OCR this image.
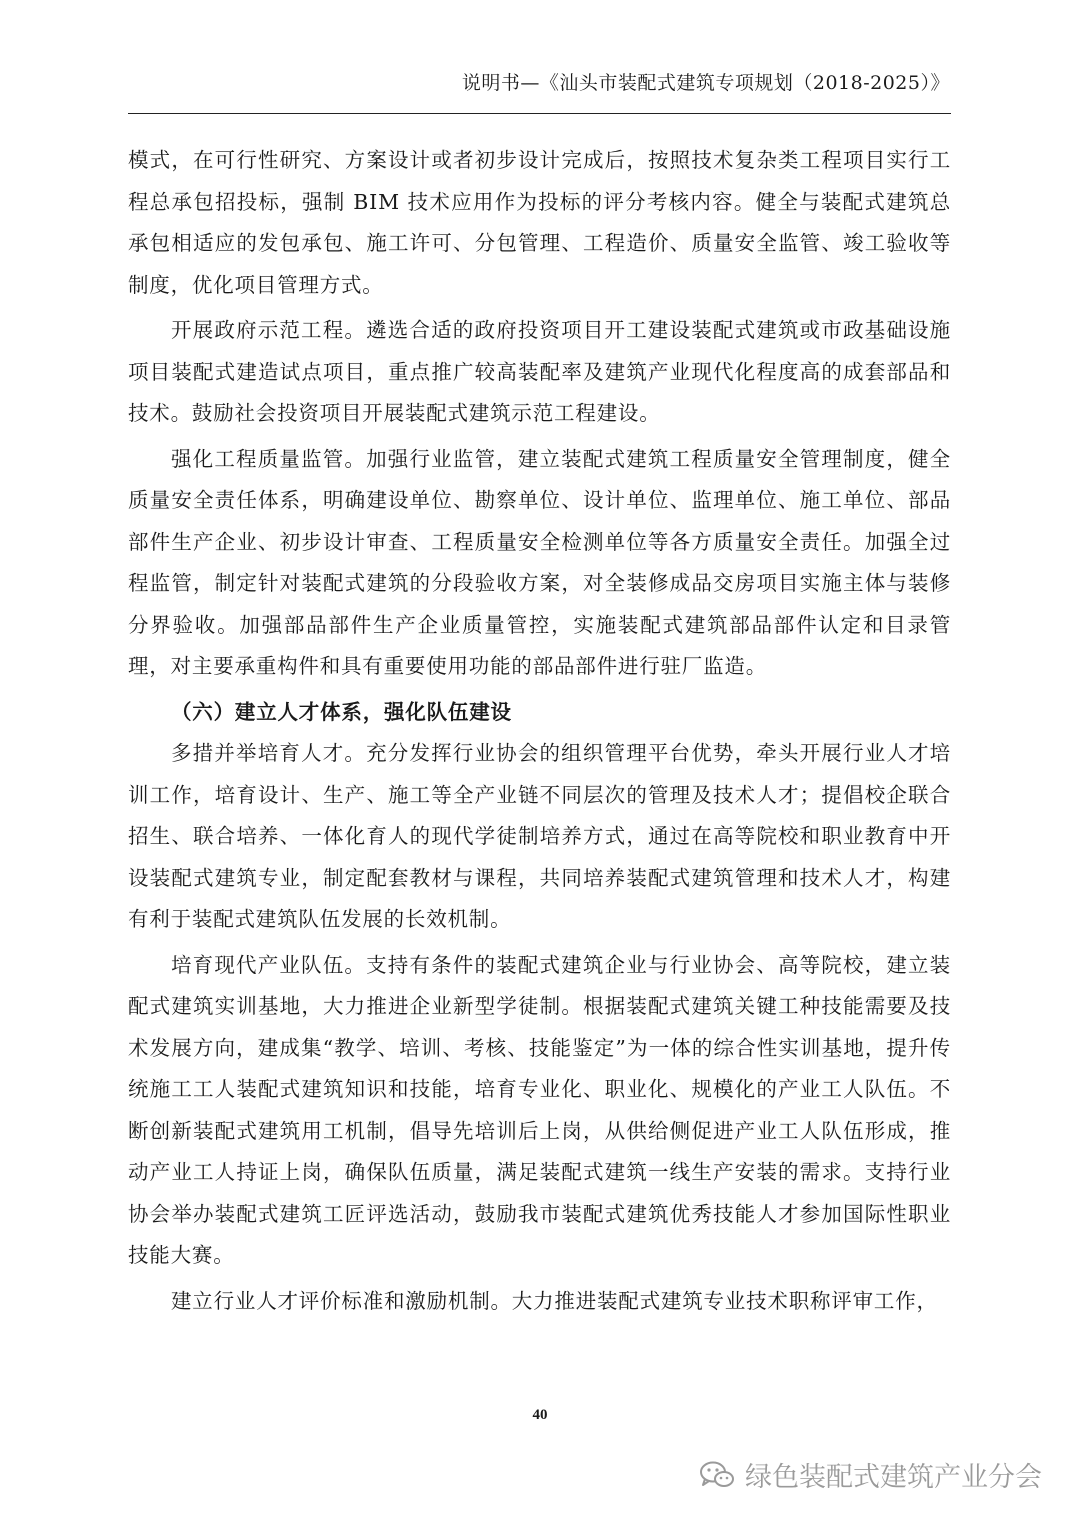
说明书—《汕头市装配式建筑专项规划（2018-2025）》

模式，在可行性研究、方案设计或者初步设计完成后，按照技术复杂类工程项目实行工程总承包招投标，强制 BIM 技术应用作为投标的评分考核内容。健全与装配式建筑总承包相适应的发包承包、施工许可、分包管理、工程造价、质量安全监管、竣工验收等制度，优化项目管理方式。

开展政府示范工程。遴选合适的政府投资项目开工建设装配式建筑或市政基础设施项目装配式建造试点项目，重点推广较高装配率及建筑产业现代化程度高的成套部品和技术。鼓励社会投资项目开展装配式建筑示范工程建设。

强化工程质量监管。加强行业监管，建立装配式建筑工程质量安全管理制度，健全质量安全责任体系，明确建设单位、勘察单位、设计单位、监理单位、施工单位、部品部件生产企业、初步设计审查、工程质量安全检测单位等各方质量安全责任。加强全过程监管，制定针对装配式建筑的分段验收方案，对全装修成品交房项目实施主体与装修分界验收。加强部品部件生产企业质量管控，实施装配式建筑部品部件认定和目录管理，对主要承重构件和具有重要使用功能的部品部件进行驻厂监造。

（六）建立人才体系，强化队伍建设

多措并举培育人才。充分发挥行业协会的组织管理平台优势，牵头开展行业人才培训工作，培育设计、生产、施工等全产业链不同层次的管理及技术人才；提倡校企联合招生、联合培养、一体化育人的现代学徒制培养方式，通过在高等院校和职业教育中开设装配式建筑专业，制定配套教材与课程，共同培养装配式建筑管理和技术人才，构建有利于装配式建筑队伍发展的长效机制。

培育现代产业队伍。支持有条件的装配式建筑企业与行业协会、高等院校，建立装配式建筑实训基地，大力推进企业新型学徒制。根据装配式建筑关键工种技能需要及技术发展方向，建成集“教学、培训、考核、技能鉴定”为一体的综合性实训基地，提升传统施工工人装配式建筑知识和技能，培育专业化、职业化、规模化的产业工人队伍。不断创新装配式建筑用工机制，倡导先培训后上岗，从供给侧促进产业工人队伍形成，推动产业工人持证上岗，确保队伍质量，满足装配式建筑一线生产安装的需求。支持行业协会举办装配式建筑工匠评选活动，鼓励我市装配式建筑优秀技能人才参加国际性职业技能大赛。

建立行业人才评价标准和激励机制。大力推进装配式建筑专业技术职称评审工作，

40
绿色装配式建筑产业分会
